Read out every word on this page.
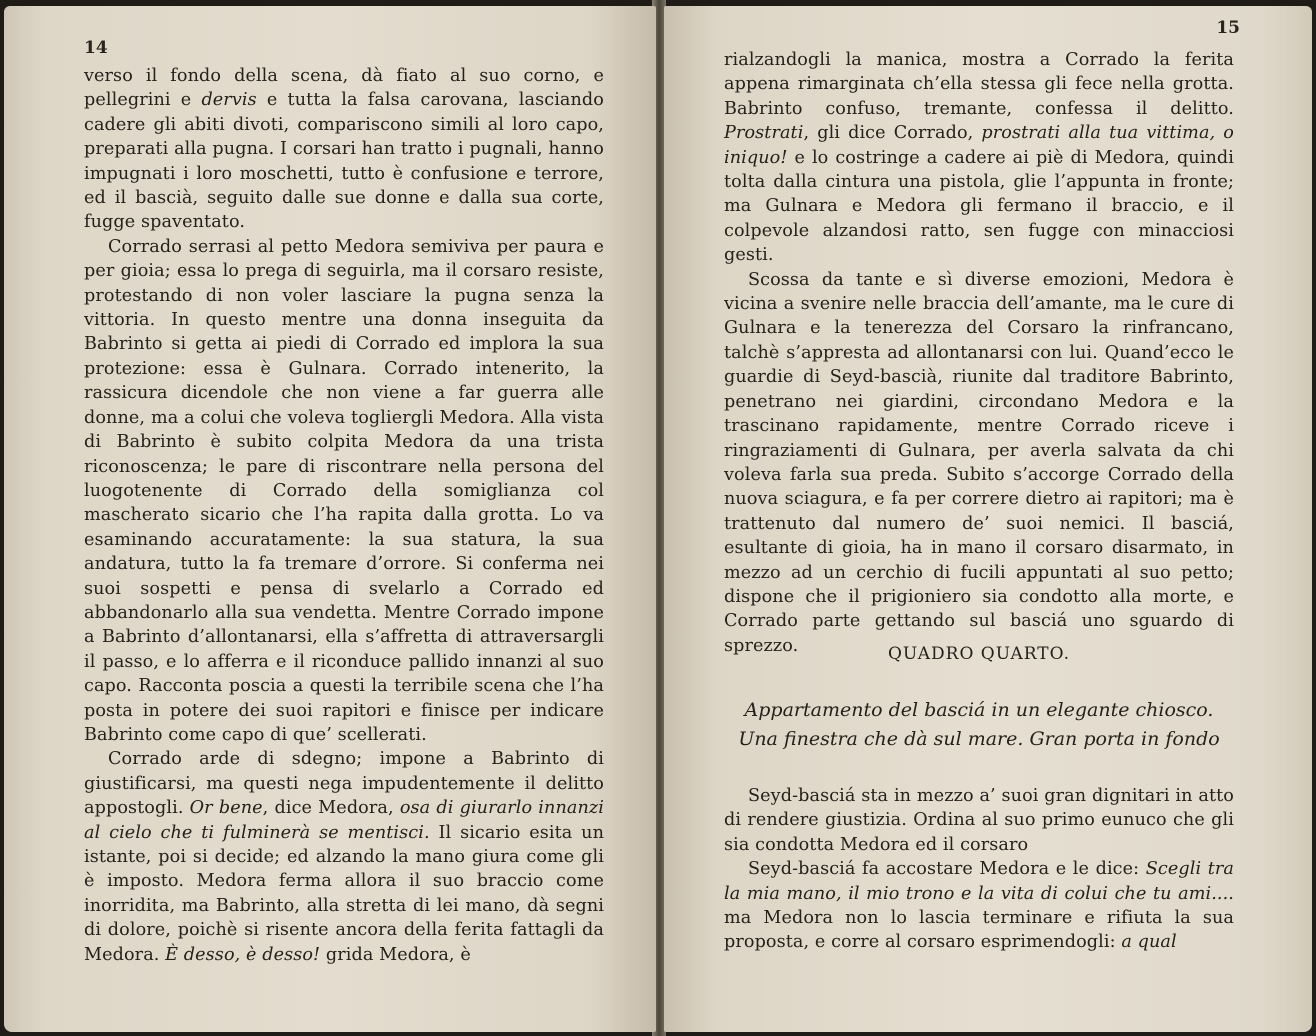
14

verso il fondo della scena, dà fiato al suo corno, e pellegrini e dervis e tutta la falsa carovana, lasciando cadere gli abiti divoti, compariscono simili al loro capo, preparati alla pugna. I corsari han tratto i pugnali, hanno impugnati i loro moschetti, tutto è confusione e terrore, ed il bascià, seguito dalle sue donne e dalla sua corte, fugge spaventato.

Corrado serrasi al petto Medora semiviva per paura e per gioia; essa lo prega di seguirla, ma il corsaro resiste, protestando di non voler lasciare la pugna senza la vittoria. In questo mentre una donna inseguita da Babrinto si getta ai piedi di Corrado ed implora la sua protezione: essa è Gulnara. Corrado intenerito, la rassicura dicendole che non viene a far guerra alle donne, ma a colui che voleva togliergli Medora. Alla vista di Babrinto è subito colpita Medora da una trista riconoscenza; le pare di riscontrare nella persona del luogotenente di Corrado della somiglianza col mascherato sicario che l’ha rapita dalla grotta. Lo va esaminando accuratamente: la sua statura, la sua andatura, tutto la fa tremare d’orrore. Si conferma nei suoi sospetti e pensa di svelarlo a Corrado ed abbandonarlo alla sua vendetta. Mentre Corrado impone a Babrinto d’allontanarsi, ella s’affretta di attraversargli il passo, e lo afferra e il riconduce pallido innanzi al suo capo. Racconta poscia a questi la terribile scena che l’ha posta in potere dei suoi rapitori e finisce per indicare Babrinto come capo di que’ scellerati.

Corrado arde di sdegno; impone a Babrinto di giustificarsi, ma questi nega impudentemente il delitto appostogli. Or bene, dice Medora, osa di giurarlo innanzi al cielo che ti fulminerà se mentisci. Il sicario esita un istante, poi si decide; ed alzando la mano giura come gli è imposto. Medora ferma allora il suo braccio come inorridita, ma Babrinto, alla stretta di lei mano, dà segni di dolore, poichè si risente ancora della ferita fattagli da Medora. È desso, è desso! grida Medora, è

15

rialzandogli la manica, mostra a Corrado la ferita appena rimarginata ch’ella stessa gli fece nella grotta. Babrinto confuso, tremante, confessa il delitto. Prostrati, gli dice Corrado, prostrati alla tua vittima, o iniquo! e lo costringe a cadere ai piè di Medora, quindi tolta dalla cintura una pistola, glie l’appunta in fronte; ma Gulnara e Medora gli fermano il braccio, e il colpevole alzandosi ratto, sen fugge con minacciosi gesti.

Scossa da tante e sì diverse emozioni, Medora è vicina a svenire nelle braccia dell’amante, ma le cure di Gulnara e la tenerezza del Corsaro la rinfrancano, talchè s’appresta ad allontanarsi con lui. Quand’ecco le guardie di Seyd-bascià, riunite dal traditore Babrinto, penetrano nei giardini, circondano Medora e la trascinano rapidamente, mentre Corrado riceve i ringraziamenti di Gulnara, per averla salvata da chi voleva farla sua preda. Subito s’accorge Corrado della nuova sciagura, e fa per correre dietro ai rapitori; ma è trattenuto dal numero de’ suoi nemici. Il basciá, esultante di gioia, ha in mano il corsaro disarmato, in mezzo ad un cerchio di fucili appuntati al suo petto; dispone che il prigioniero sia condotto alla morte, e Corrado parte gettando sul basciá uno sguardo di sprezzo.	QUADRO QUARTO.
Appartamento del basciá in un elegante chiosco.
Una finestra che dà sul mare. Gran porta in fondo

Seyd-basciá sta in mezzo a’ suoi gran dignitari in atto di rendere giustizia. Ordina al suo primo eunuco che gli sia condotta Medora ed il corsaro

Seyd-basciá fa accostare Medora e le dice: Scegli tra la mia mano, il mio trono e la vita di colui che tu ami.... ma Medora non lo lascia terminare e rifiuta la sua proposta, e corre al corsaro esprimendogli: a qual
